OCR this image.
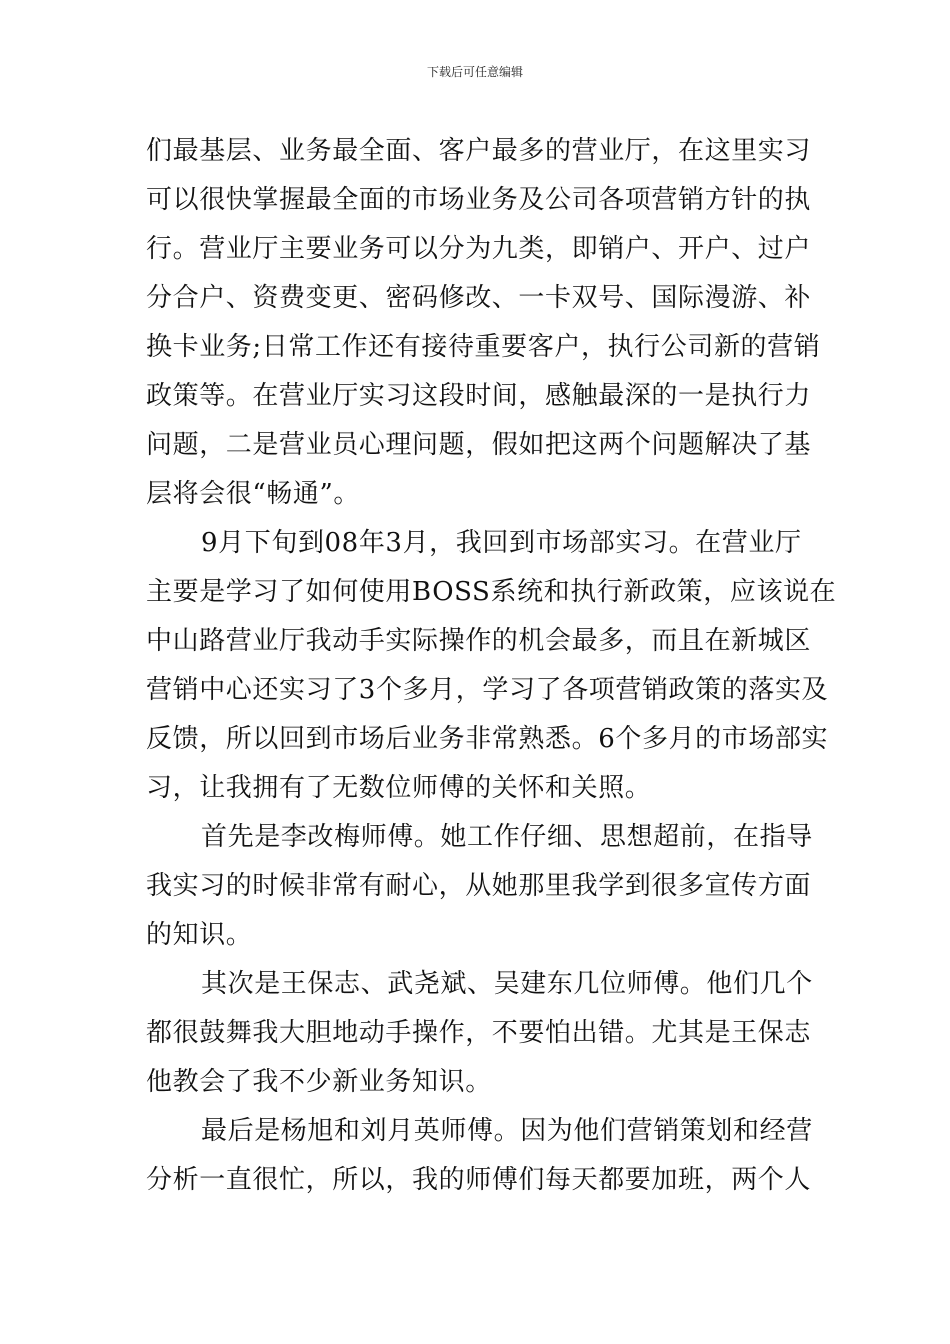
下载后可任意编辑
们最基层、业务最全面、客户最多的营业厅，在这里实习
可以很快掌握最全面的市场业务及公司各项营销方针的执
行。营业厅主要业务可以分为九类，即销户、开户、过户
分合户、资费变更、密码修改、一卡双号、国际漫游、补
换卡业务;日常工作还有接待重要客户，执行公司新的营销
政策等。在营业厅实习这段时间，感触最深的一是执行力
问题，二是营业员心理问题，假如把这两个问题解决了基
层将会很“畅通”。
9月下旬到08年3月，我回到市场部实习。在营业厅
主要是学习了如何使用BOSS系统和执行新政策，应该说在
中山路营业厅我动手实际操作的机会最多，而且在新城区
营销中心还实习了3个多月，学习了各项营销政策的落实及
反馈，所以回到市场后业务非常熟悉。6个多月的市场部实
习，让我拥有了无数位师傅的关怀和关照。
首先是李改梅师傅。她工作仔细、思想超前，在指导
我实习的时候非常有耐心，从她那里我学到很多宣传方面
的知识。
其次是王保志、武尧斌、吴建东几位师傅。他们几个
都很鼓舞我大胆地动手操作，不要怕出错。尤其是王保志
他教会了我不少新业务知识。
最后是杨旭和刘月英师傅。因为他们营销策划和经营
分析一直很忙，所以，我的师傅们每天都要加班，两个人
